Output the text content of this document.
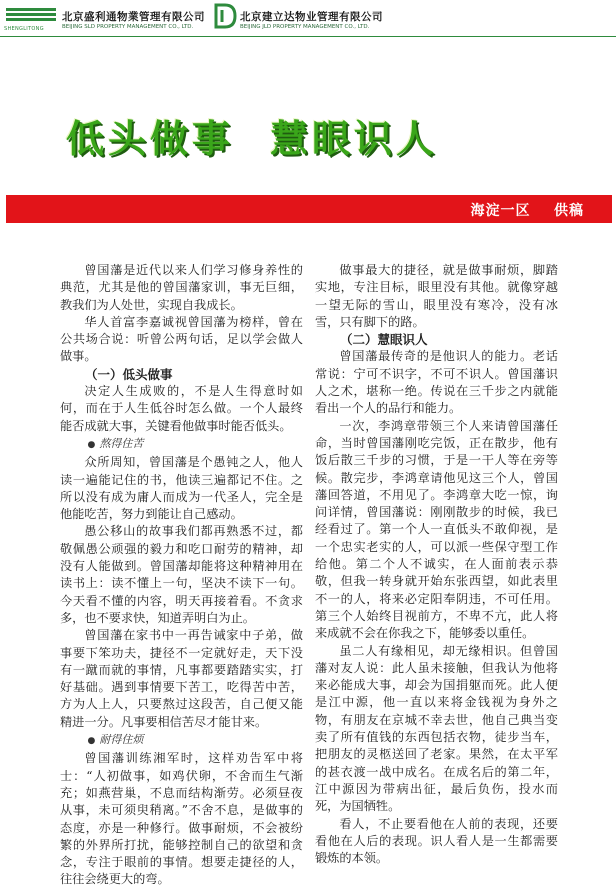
SHENGLITONG
北京盛利通物業管理有限公司
BEIJING SLD PROPERTY MANAGEMENT CO., LTD.
北京建立达物业管理有限公司
BEIJING JLD PROPERTY MANAGEMENT CO., LTD.
低头做事 慧眼识人
海淀一区    供稿

曾国藩是近代以来人们学习修身养性的典范，尤其是他的曾国藩家训，事无巨细，教我们为人处世，实现自我成长。

华人首富李嘉诚视曾国藩为榜样，曾在公共场合说：听曾公两句话，足以学会做人做事。

（一）低头做事

决定人生成败的，不是人生得意时如何，而在于人生低谷时怎么做。一个人最终能否成就大事，关键看他做事时能否低头。

● 熬得住苦

众所周知，曾国藩是个愚钝之人，他人读一遍能记住的书，他读三遍都记不住。之所以没有成为庸人而成为一代圣人，完全是他能吃苦，努力到能让自己感动。

愚公移山的故事我们都再熟悉不过，都敬佩愚公顽强的毅力和吃口耐劳的精神，却没有人能做到。曾国藩却能将这种精神用在读书上：读不懂上一句，坚决不读下一句。今天看不懂的内容，明天再接着看。不贪求多，也不要求快，知道弄明白为止。

曾国藩在家书中一再告诫家中子弟，做事要下笨功夫，捷径不一定就好走，天下没有一蹴而就的事情，凡事都要踏踏实实，打好基础。遇到事情要下苦工，吃得苦中苦，方为人上人，只要熬过这段苦，自己便又能精进一分。凡事要相信苦尽才能甘来。

● 耐得住烦

曾国藩训练湘军时，这样劝告军中将士：“人初做事，如鸡伏卵，不舍而生气渐充；如燕营巢，不息而结构渐劳。必须昼夜从事，未可须臾稍离。”不舍不息，是做事的态度，亦是一种修行。做事耐烦，不会被纷繁的外界所打扰，能够控制自己的欲望和贪念，专注于眼前的事情。想要走捷径的人，往往会绕更大的弯。

做事最大的捷径，就是做事耐烦，脚踏实地，专注目标，眼里没有其他。就像穿越一望无际的雪山，眼里没有寒冷，没有冰雪，只有脚下的路。

（二）慧眼识人

曾国藩最传奇的是他识人的能力。老话常说：宁可不识字，不可不识人。曾国藩识人之术，堪称一绝。传说在三千步之内就能看出一个人的品行和能力。

一次，李鸿章带领三个人来请曾国藩任命，当时曾国藩刚吃完饭，正在散步，他有饭后散三千步的习惯，于是一干人等在旁等候。散完步，李鸿章请他见这三个人，曾国藩回答道，不用见了。李鸿章大吃一惊，询问详情，曾国藩说：刚刚散步的时候，我已经看过了。第一个人一直低头不敢仰视，是一个忠实老实的人，可以派一些保守型工作给他。第二个人不诚实，在人面前表示恭敬，但我一转身就开始东张西望，如此表里不一的人，将来必定阳奉阴违，不可任用。第三个人始终目视前方，不卑不亢，此人将来成就不会在你我之下，能够委以重任。

虽二人有缘相见，却无缘相识。但曾国藩对友人说：此人虽未接触，但我认为他将来必能成大事，却会为国捐躯而死。此人便是江中源，他一直以来将金钱视为身外之物，有朋友在京城不幸去世，他自己典当变卖了所有值钱的东西包括衣物，徒步当车，把朋友的灵柩送回了老家。果然，在太平军的甚衣渡一战中成名。在成名后的第二年，江中源因为带病出征，最后负伤，投水而死，为国牺牲。

看人，不止要看他在人前的表现，还要看他在人后的表现。识人看人是一生都需要锻炼的本领。
